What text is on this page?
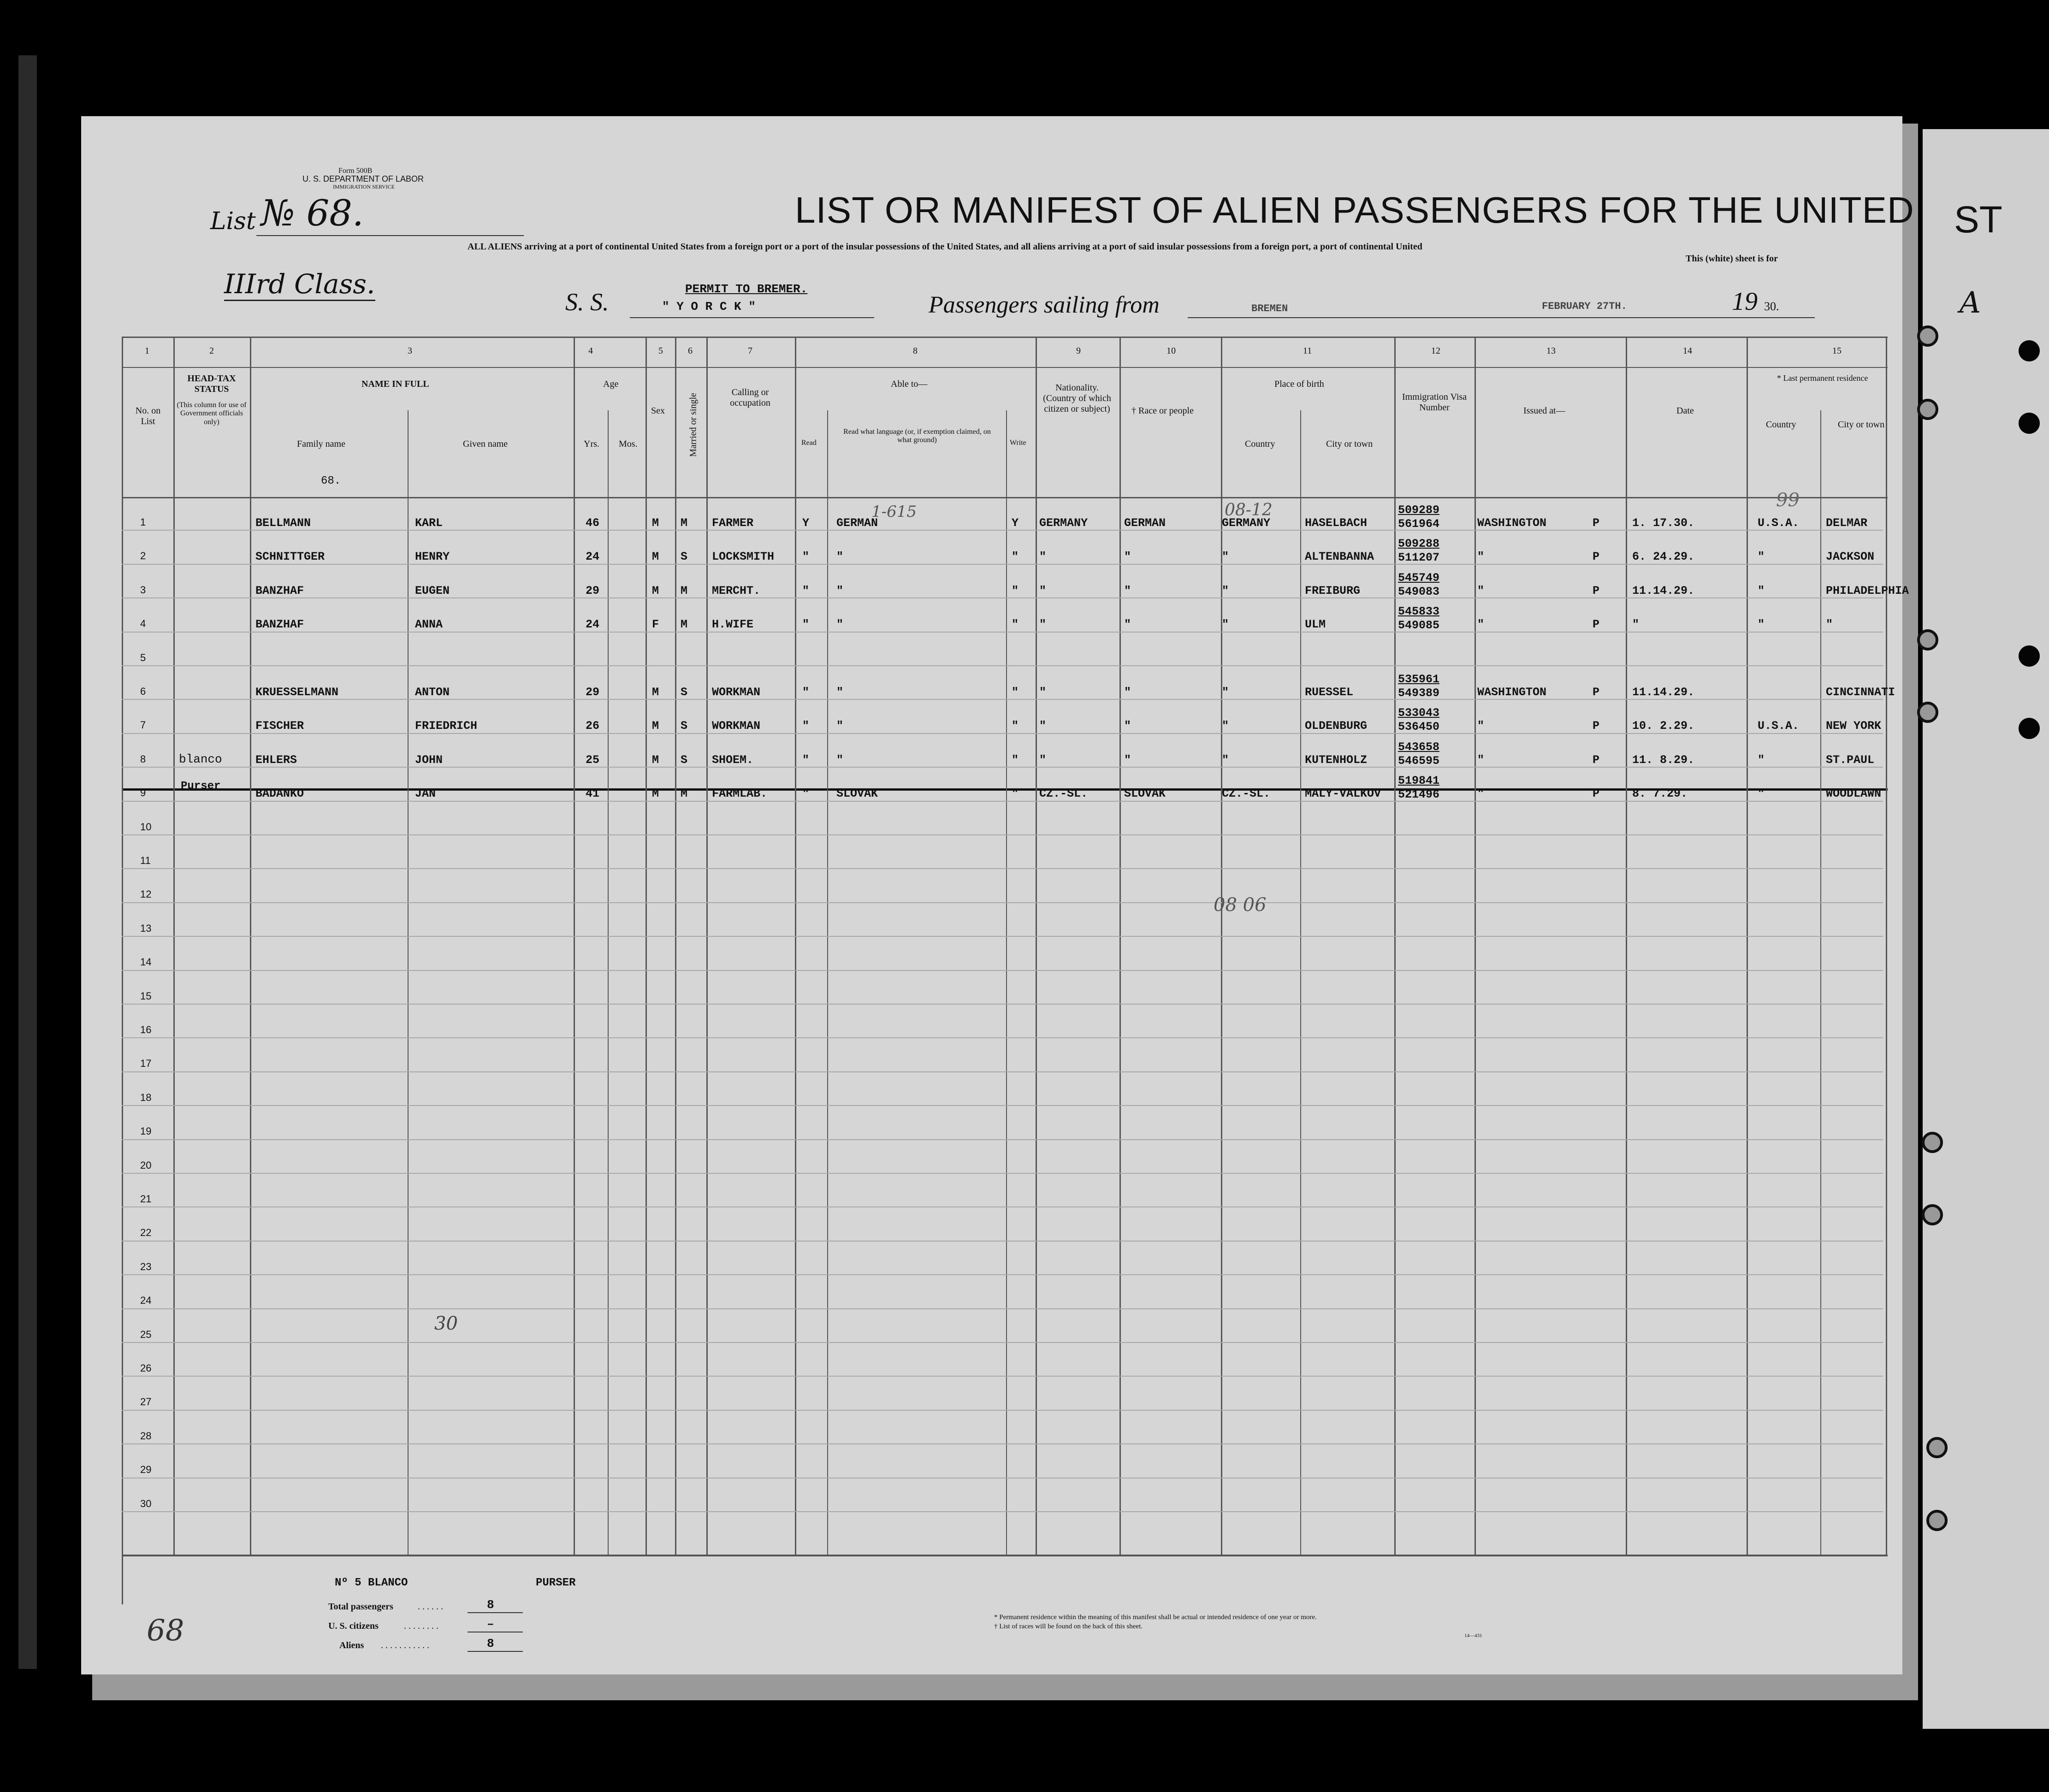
ST
A
Form 500B
U. S. DEPARTMENT OF LABOR
IMMIGRATION SERVICE
List № 68.	LIST OR MANIFEST OF ALIEN PASSENGERS FOR THE UNITED
ALL ALIENS arriving at a port of continental United States from a foreign port or a port of the insular possessions of the United States, and all aliens arriving at a port of said insular possessions from a foreign port, a port of continental United
This (white) sheet is for
IIIrd Class.
S. S.	PERMIT TO BREMER.
" Y O R C K "	Passengers sailing from	BREMEN	FEBRUARY 27TH.	19 30.
1	2	3	4	5	6	7	8	9	10	11	12	13	14	15
No. on List
HEAD-TAX STATUS
(This column for use of Government officials only)
NAME IN FULL
Family name	Given name
68.
Age
Yrs. Mos.
Sex	Married or single
Calling or occupation
Able to—
Read
Read what language (or, if exemption claimed, on what ground)	Write
Nationality. (Country of which citizen or subject)	† Race or people
Place of birth
Country	City or town
Immigration Visa Number	Issued at—	Date
* Last permanent residence
Country	City or town
1	BELLMANN	KARL	46	M M FARMER	Y GERMAN	Y GERMANY	GERMAN	GERMANY	HASELBACH	WASHINGTON	P	1. 17.30.	U.S.A. DELMAR
509289
561964
2	SCHNITTGER	HENRY	24	M S LOCKSMITH " "	" "	"	"	ALTENBANNA	"	P	6. 24.29.	"	JACKSON
509288
511207
3	BANZHAF	EUGEN	29	M M MERCHT.	" "	" "	"	"	FREIBURG	"	P	11.14.29.	"	PHILADELPHIA
545749
549083
4	BANZHAF	ANNA	24	F M H.WIFE	" "	" "	"	"	ULM	"	P	"	"	"
545833
549085
5
6	KRUESSELMANN	ANTON	29	M S WORKMAN	" "	" "	"	"	RUESSEL	WASHINGTON	P	11.14.29.	CINCINNATI
535961
549389
7	FISCHER	FRIEDRICH	26	M S WORKMAN	" "	" "	"	"	OLDENBURG	"	P	10. 2.29.	U.S.A. NEW YORK
533043
536450
8	EHLERS	JOHN	25	M S SHOEM.	" "	" "	"	"	KUTENHOLZ	"	P	11. 8.29.	"	ST.PAUL
543658
546595
9	BADANKO	JAN	41	M M FARMLAB.	" SLOVAK	" CZ.-SL.	SLOVAK	CZ.-SL.	MALY-VALKOV	"	P	8. 7.29.	"	WOODLAWN
519841
521496
10
11
12
13
14
15
16
17
18
19
20
21
22
23
24
25
26
27
28
29
30
blanco
Purser
1-615	08-12	99
08 06
30
Nº 5 BLANCO	PURSER
Total passengers	. . . . . .	8
U. S. citizens	. . . . . . . .	–
Aliens . . . . . . . . . . .	8
* Permanent residence within the meaning of this manifest shall be actual or intended residence of one year or more.
† List of races will be found on the back of this sheet.
14—431
68
